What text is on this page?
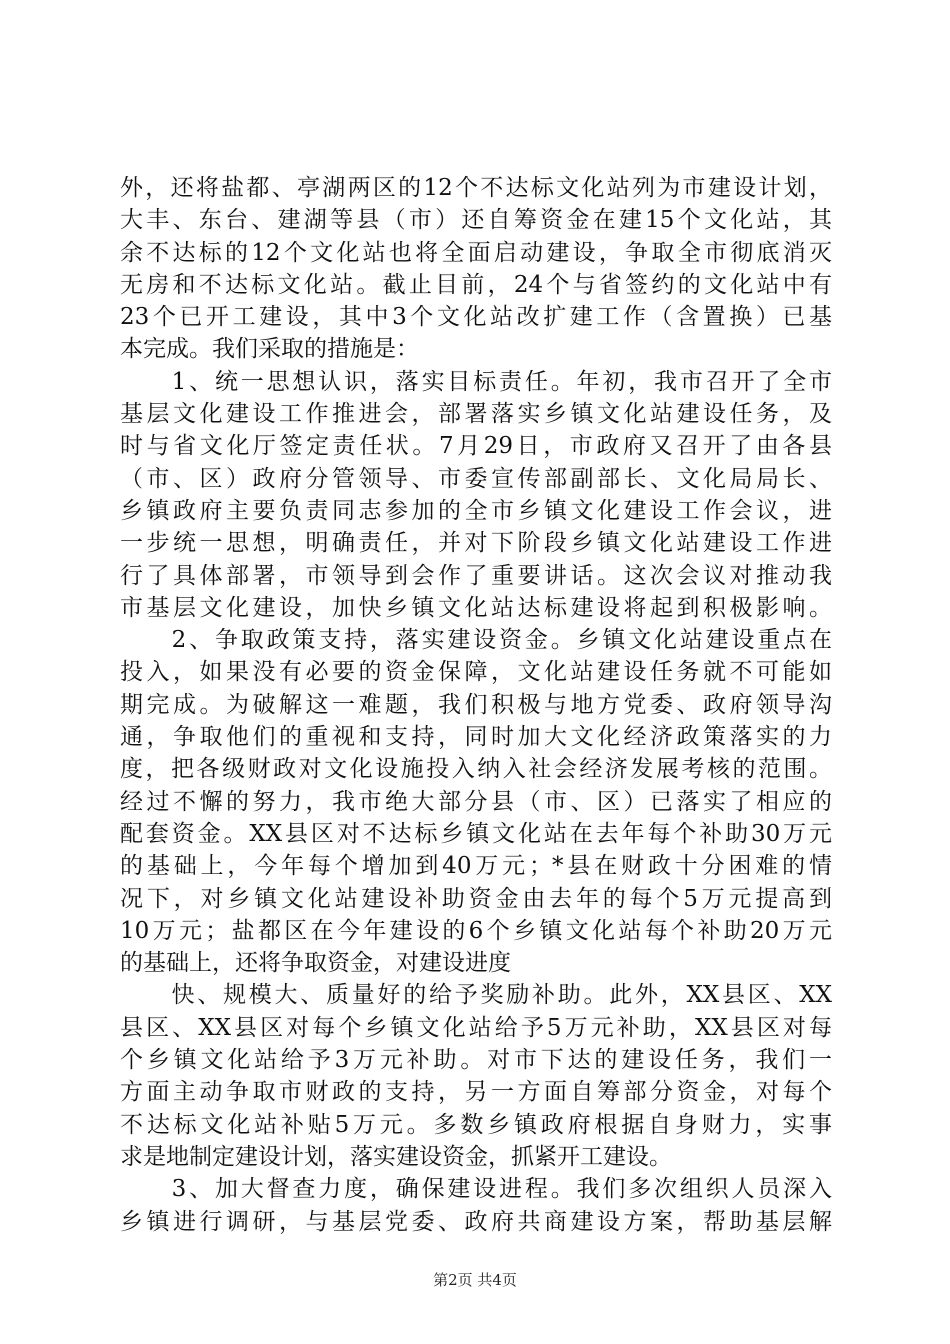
外，还将盐都、亭湖两区的12个不达标文化站列为市建设计划，
大丰、东台、建湖等县（市）还自筹资金在建15个文化站，其
余不达标的12个文化站也将全面启动建设，争取全市彻底消灭
无房和不达标文化站。截止目前，24个与省签约的文化站中有
23个已开工建设，其中3个文化站改扩建工作（含置换）已基
本完成。我们采取的措施是：
　　1、统一思想认识，落实目标责任。年初，我市召开了全市
基层文化建设工作推进会，部署落实乡镇文化站建设任务，及
时与省文化厅签定责任状。7月29日，市政府又召开了由各县
（市、区）政府分管领导、市委宣传部副部长、文化局局长、
乡镇政府主要负责同志参加的全市乡镇文化建设工作会议，进
一步统一思想，明确责任，并对下阶段乡镇文化站建设工作进
行了具体部署，市领导到会作了重要讲话。这次会议对推动我
市基层文化建设，加快乡镇文化站达标建设将起到积极影响。
　　2、争取政策支持，落实建设资金。乡镇文化站建设重点在
投入，如果没有必要的资金保障，文化站建设任务就不可能如
期完成。为破解这一难题，我们积极与地方党委、政府领导沟
通，争取他们的重视和支持，同时加大文化经济政策落实的力
度，把各级财政对文化设施投入纳入社会经济发展考核的范围。
经过不懈的努力，我市绝大部分县（市、区）已落实了相应的
配套资金。XX县区对不达标乡镇文化站在去年每个补助30万元
的基础上，今年每个增加到40万元；*县在财政十分困难的情
况下，对乡镇文化站建设补助资金由去年的每个5万元提高到
10万元；盐都区在今年建设的6个乡镇文化站每个补助20万元
的基础上，还将争取资金，对建设进度
　　快、规模大、质量好的给予奖励补助。此外，XX县区、XX
县区、XX县区对每个乡镇文化站给予5万元补助，XX县区对每
个乡镇文化站给予3万元补助。对市下达的建设任务，我们一
方面主动争取市财政的支持，另一方面自筹部分资金，对每个
不达标文化站补贴5万元。多数乡镇政府根据自身财力，实事
求是地制定建设计划，落实建设资金，抓紧开工建设。
　　3、加大督查力度，确保建设进程。我们多次组织人员深入
乡镇进行调研，与基层党委、政府共商建设方案，帮助基层解
第2页 共4页
